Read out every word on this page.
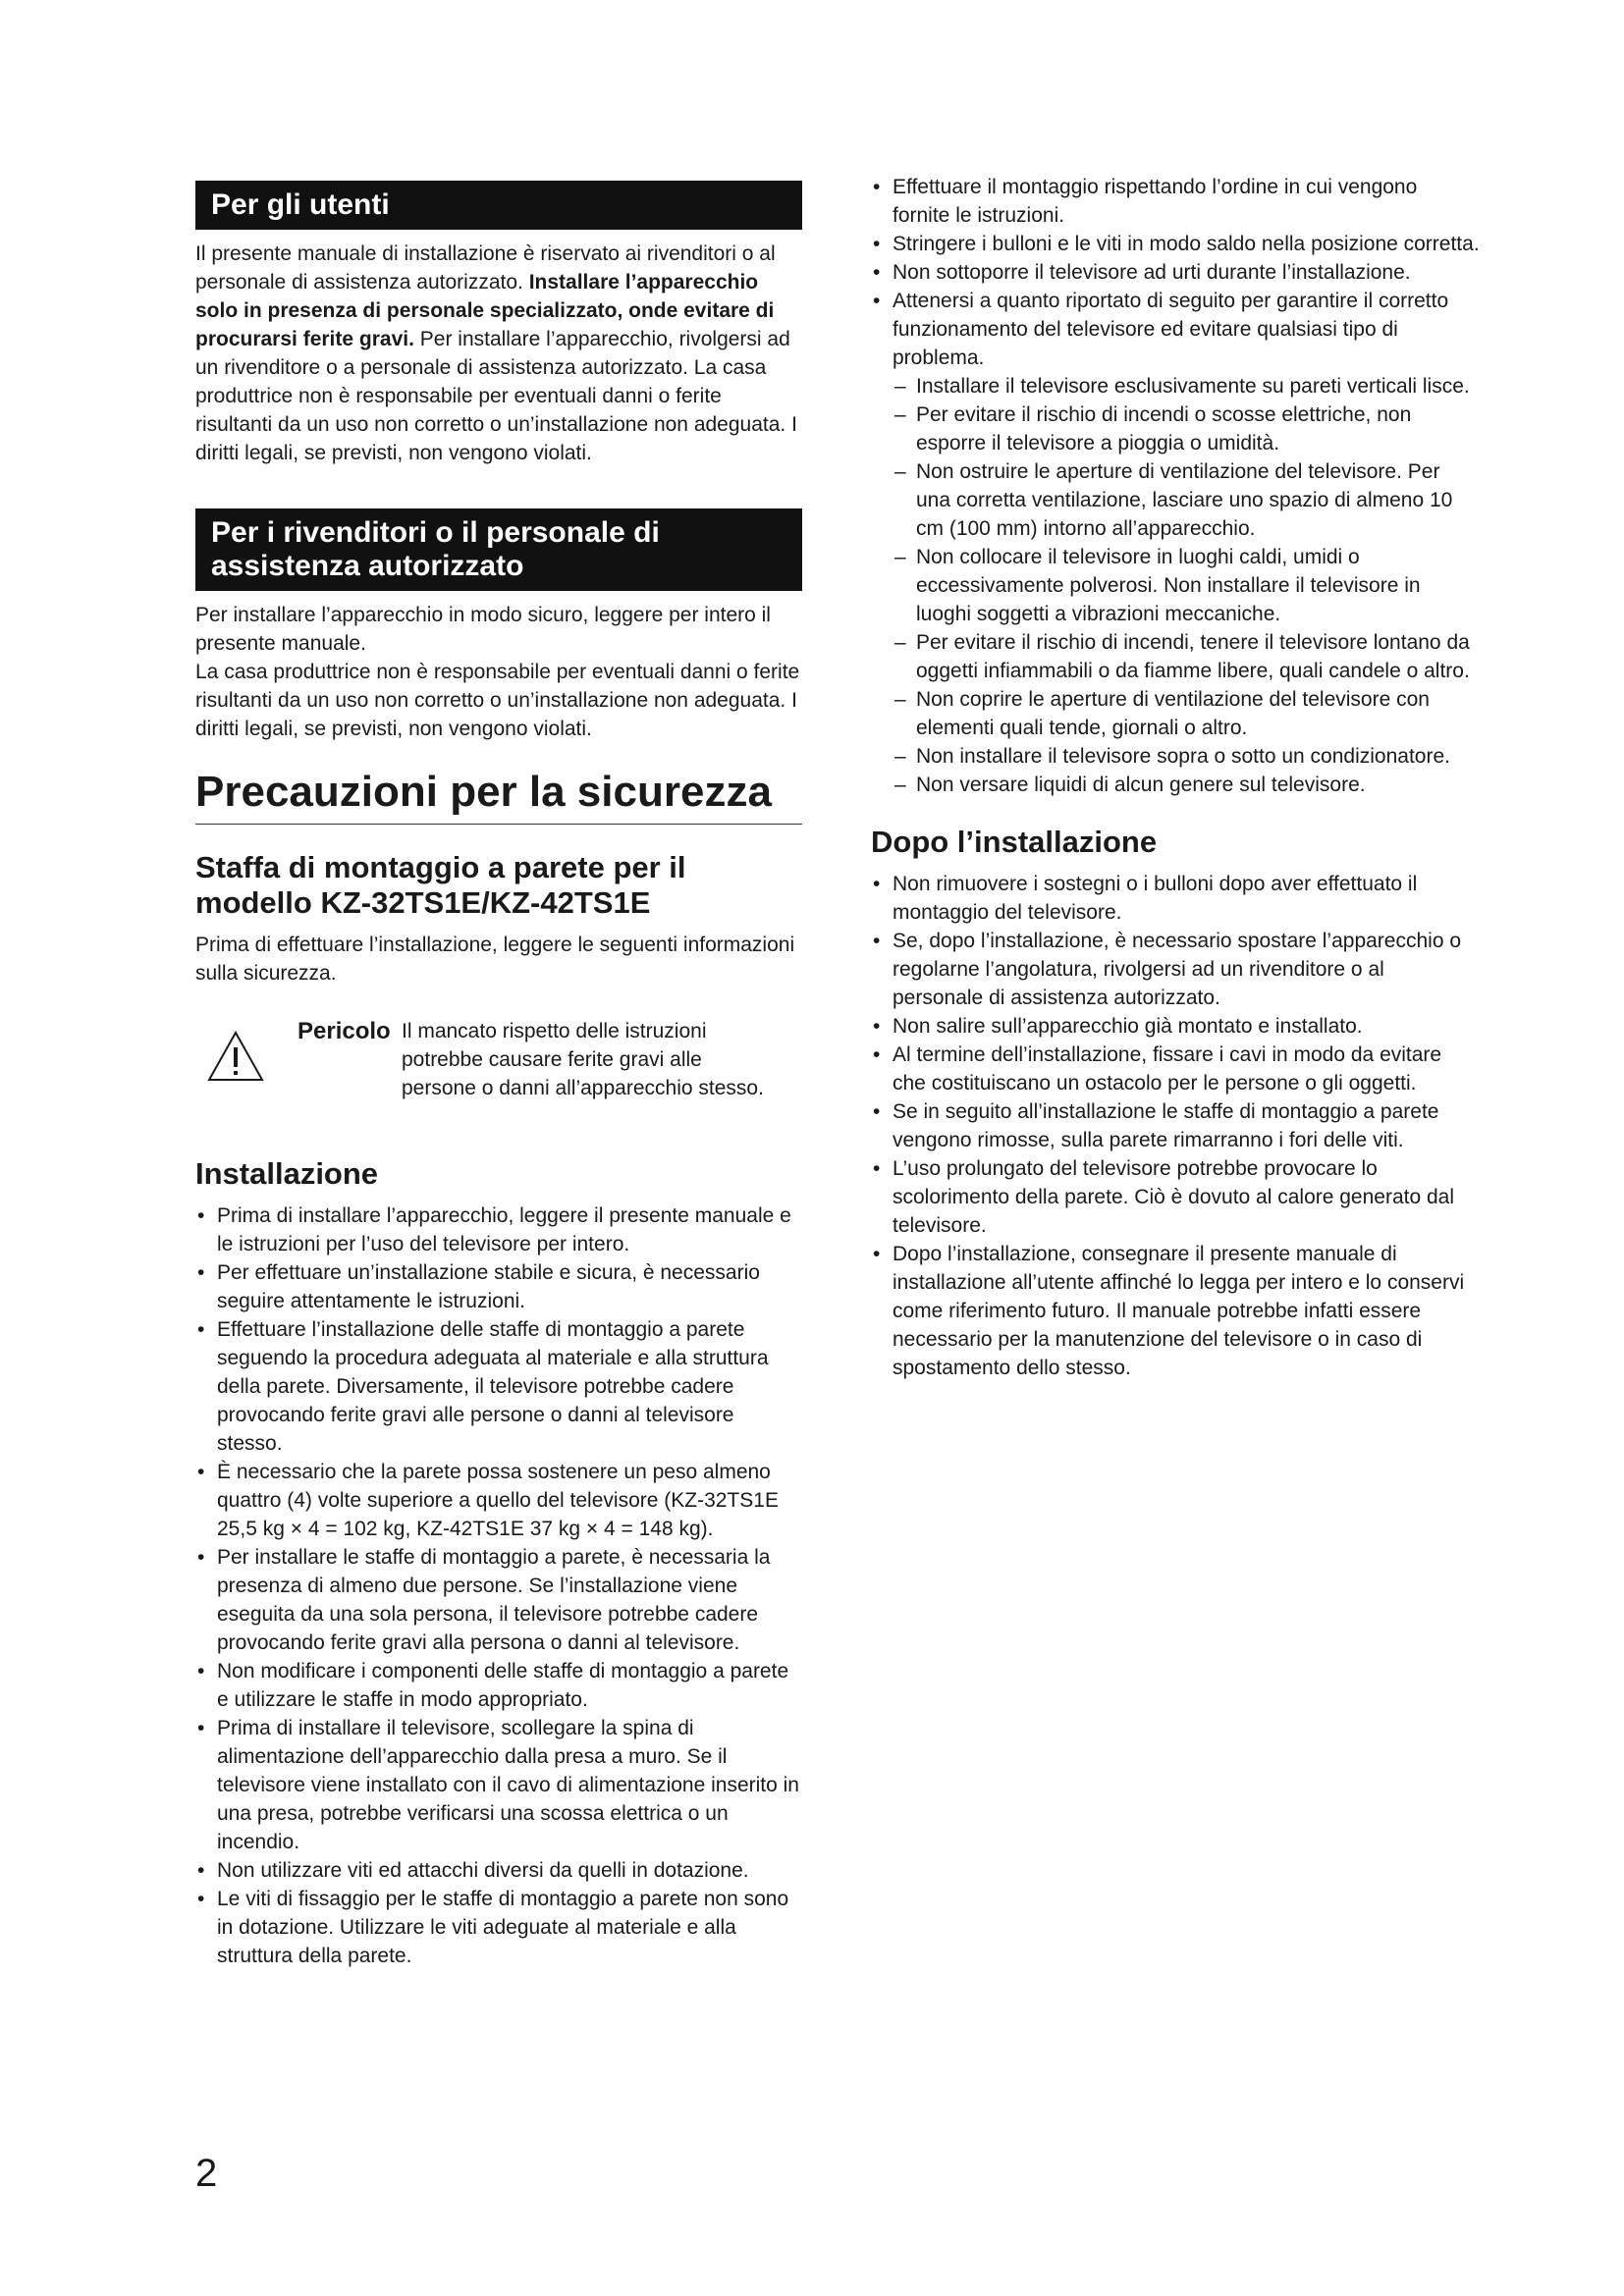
Per gli utenti

Il presente manuale di installazione è riservato ai rivenditori o al personale di assistenza autorizzato. Installare l’apparecchio solo in presenza di personale specializzato, onde evitare di procurarsi ferite gravi. Per installare l’apparecchio, rivolgersi ad un rivenditore o a personale di assistenza autorizzato. La casa produttrice non è responsabile per eventuali danni o ferite risultanti da un uso non corretto o un’installazione non adeguata. I diritti legali, se previsti, non vengono violati.

Per i rivenditori o il personale di assistenza autorizzato

Per installare l’apparecchio in modo sicuro, leggere per intero il presente manuale.

La casa produttrice non è responsabile per eventuali danni o ferite risultanti da un uso non corretto o un’installazione non adeguata. I diritti legali, se previsti, non vengono violati.

Precauzioni per la sicurezza
Staffa di montaggio a parete per il modello KZ-32TS1E/KZ-42TS1E

Prima di effettuare l’installazione, leggere le seguenti informazioni sulla sicurezza.

Pericolo Il mancato rispetto delle istruzioni potrebbe causare ferite gravi alle persone o danni all’apparecchio stesso.
Installazione
• Prima di installare l’apparecchio, leggere il presente manuale e le istruzioni per l’uso del televisore per intero.
• Per effettuare un’installazione stabile e sicura, è necessario seguire attentamente le istruzioni.
• Effettuare l’installazione delle staffe di montaggio a parete seguendo la procedura adeguata al materiale e alla struttura della parete. Diversamente, il televisore potrebbe cadere provocando ferite gravi alle persone o danni al televisore stesso.
• È necessario che la parete possa sostenere un peso almeno quattro (4) volte superiore a quello del televisore (KZ-32TS1E 25,5 kg × 4 = 102 kg, KZ-42TS1E 37 kg × 4 = 148 kg).
• Per installare le staffe di montaggio a parete, è necessaria la presenza di almeno due persone. Se l’installazione viene eseguita da una sola persona, il televisore potrebbe cadere provocando ferite gravi alla persona o danni al televisore.
• Non modificare i componenti delle staffe di montaggio a parete e utilizzare le staffe in modo appropriato.
• Prima di installare il televisore, scollegare la spina di alimentazione dell’apparecchio dalla presa a muro. Se il televisore viene installato con il cavo di alimentazione inserito in una presa, potrebbe verificarsi una scossa elettrica o un incendio.
• Non utilizzare viti ed attacchi diversi da quelli in dotazione.
• Le viti di fissaggio per le staffe di montaggio a parete non sono in dotazione. Utilizzare le viti adeguate al materiale e alla struttura della parete.
• Effettuare il montaggio rispettando l’ordine in cui vengono fornite le istruzioni.
• Stringere i bulloni e le viti in modo saldo nella posizione corretta.
• Non sottoporre il televisore ad urti durante l’installazione.
• Attenersi a quanto riportato di seguito per garantire il corretto funzionamento del televisore ed evitare qualsiasi tipo di problema.
– Installare il televisore esclusivamente su pareti verticali lisce.
– Per evitare il rischio di incendi o scosse elettriche, non esporre il televisore a pioggia o umidità.
– Non ostruire le aperture di ventilazione del televisore. Per una corretta ventilazione, lasciare uno spazio di almeno 10 cm (100 mm) intorno all’apparecchio.
– Non collocare il televisore in luoghi caldi, umidi o eccessivamente polverosi. Non installare il televisore in luoghi soggetti a vibrazioni meccaniche.
– Per evitare il rischio di incendi, tenere il televisore lontano da oggetti infiammabili o da fiamme libere, quali candele o altro.
– Non coprire le aperture di ventilazione del televisore con elementi quali tende, giornali o altro.
– Non installare il televisore sopra o sotto un condizionatore.
– Non versare liquidi di alcun genere sul televisore.
Dopo l’installazione
• Non rimuovere i sostegni o i bulloni dopo aver effettuato il montaggio del televisore.
• Se, dopo l’installazione, è necessario spostare l’apparecchio o regolarne l’angolatura, rivolgersi ad un rivenditore o al personale di assistenza autorizzato.
• Non salire sull’apparecchio già montato e installato.
• Al termine dell’installazione, fissare i cavi in modo da evitare che costituiscano un ostacolo per le persone o gli oggetti.
• Se in seguito all’installazione le staffe di montaggio a parete vengono rimosse, sulla parete rimarranno i fori delle viti.
• L’uso prolungato del televisore potrebbe provocare lo scolorimento della parete. Ciò è dovuto al calore generato dal televisore.
• Dopo l’installazione, consegnare il presente manuale di installazione all’utente affinché lo legga per intero e lo conservi come riferimento futuro. Il manuale potrebbe infatti essere necessario per la manutenzione del televisore o in caso di spostamento dello stesso.
2
